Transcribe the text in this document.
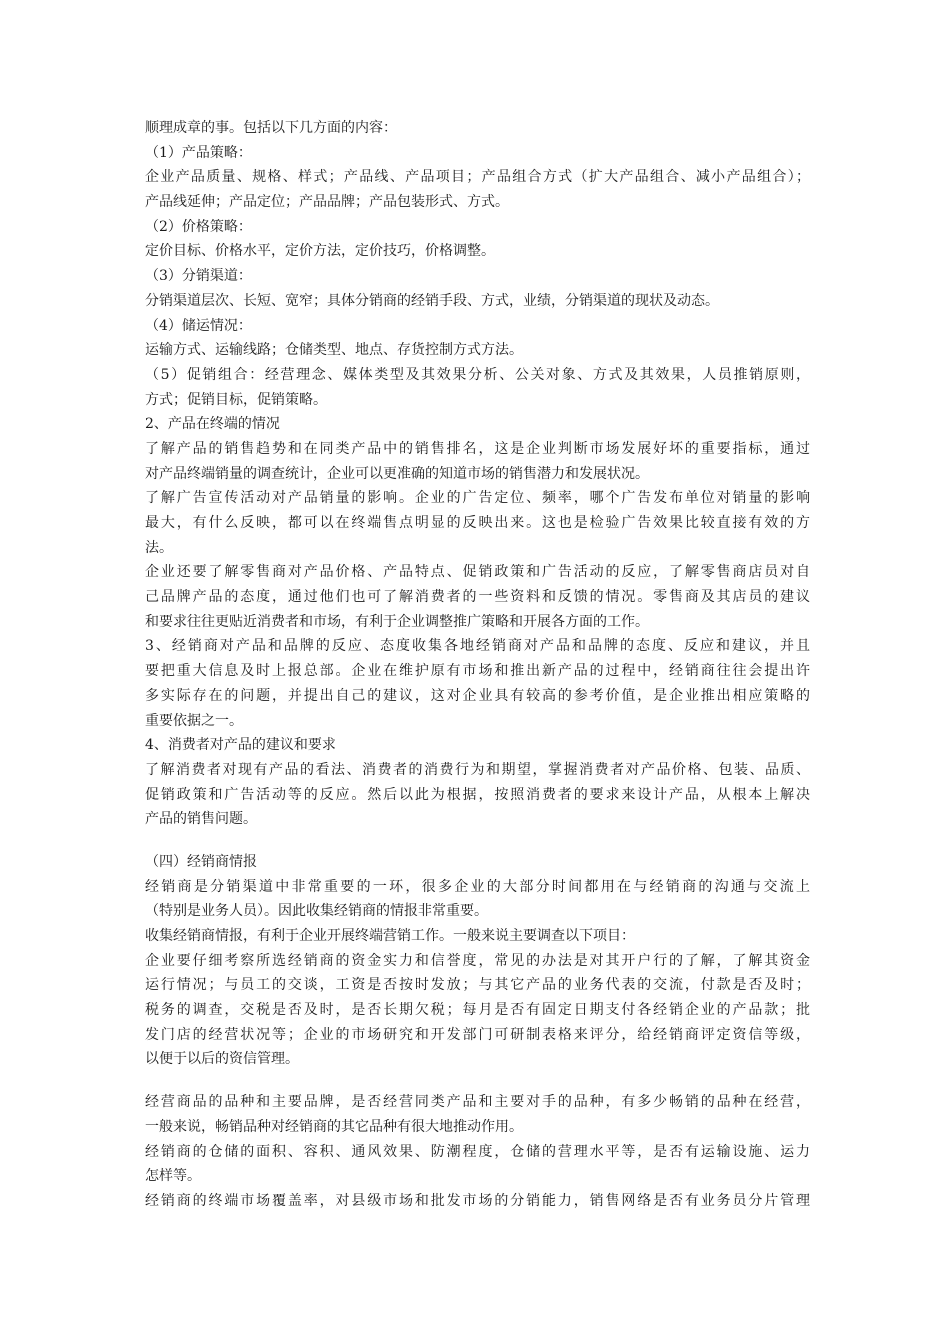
顺理成章的事。包括以下几方面的内容：
（1）产品策略：
企业产品质量、规格、样式；产品线、产品项目；产品组合方式（扩大产品组合、减小产品组合）；
产品线延伸；产品定位；产品品牌；产品包装形式、方式。
（2）价格策略：
定价目标、价格水平，定价方法，定价技巧，价格调整。
（3）分销渠道：
分销渠道层次、长短、宽窄；具体分销商的经销手段、方式，业绩，分销渠道的现状及动态。
（4）储运情况：
运输方式、运输线路；仓储类型、地点、存货控制方式方法。
（5）促销组合：经营理念、媒体类型及其效果分析、公关对象、方式及其效果，人员推销原则，
方式；促销目标，促销策略。
2、产品在终端的情况
了解产品的销售趋势和在同类产品中的销售排名，这是企业判断市场发展好坏的重要指标，通过
对产品终端销量的调查统计，企业可以更准确的知道市场的销售潜力和发展状况。
了解广告宣传活动对产品销量的影响。企业的广告定位、频率，哪个广告发布单位对销量的影响
最大，有什么反映，都可以在终端售点明显的反映出来。这也是检验广告效果比较直接有效的方
法。
企业还要了解零售商对产品价格、产品特点、促销政策和广告活动的反应，了解零售商店员对自
己品牌产品的态度，通过他们也可了解消费者的一些资料和反馈的情况。零售商及其店员的建议
和要求往往更贴近消费者和市场，有利于企业调整推广策略和开展各方面的工作。
3、经销商对产品和品牌的反应、态度收集各地经销商对产品和品牌的态度、反应和建议，并且
要把重大信息及时上报总部。企业在维护原有市场和推出新产品的过程中，经销商往往会提出许
多实际存在的问题，并提出自己的建议，这对企业具有较高的参考价值，是企业推出相应策略的
重要依据之一。
4、消费者对产品的建议和要求
了解消费者对现有产品的看法、消费者的消费行为和期望，掌握消费者对产品价格、包装、品质、
促销政策和广告活动等的反应。然后以此为根据，按照消费者的要求来设计产品，从根本上解决
产品的销售问题。
（四）经销商情报
经销商是分销渠道中非常重要的一环，很多企业的大部分时间都用在与经销商的沟通与交流上
（特别是业务人员）。因此收集经销商的情报非常重要。
收集经销商情报，有利于企业开展终端营销工作。一般来说主要调查以下项目：
企业要仔细考察所选经销商的资金实力和信誉度，常见的办法是对其开户行的了解，了解其资金
运行情况；与员工的交谈，工资是否按时发放；与其它产品的业务代表的交流，付款是否及时；
税务的调查，交税是否及时，是否长期欠税；每月是否有固定日期支付各经销企业的产品款；批
发门店的经营状况等；企业的市场研究和开发部门可研制表格来评分，给经销商评定资信等级，
以便于以后的资信管理。
经营商品的品种和主要品牌，是否经营同类产品和主要对手的品种，有多少畅销的品种在经营，
一般来说，畅销品种对经销商的其它品种有很大地推动作用。
经销商的仓储的面积、容积、通风效果、防潮程度，仓储的营理水平等，是否有运输设施、运力
怎样等。
经销商的终端市场覆盖率，对县级市场和批发市场的分销能力，销售网络是否有业务员分片管理
